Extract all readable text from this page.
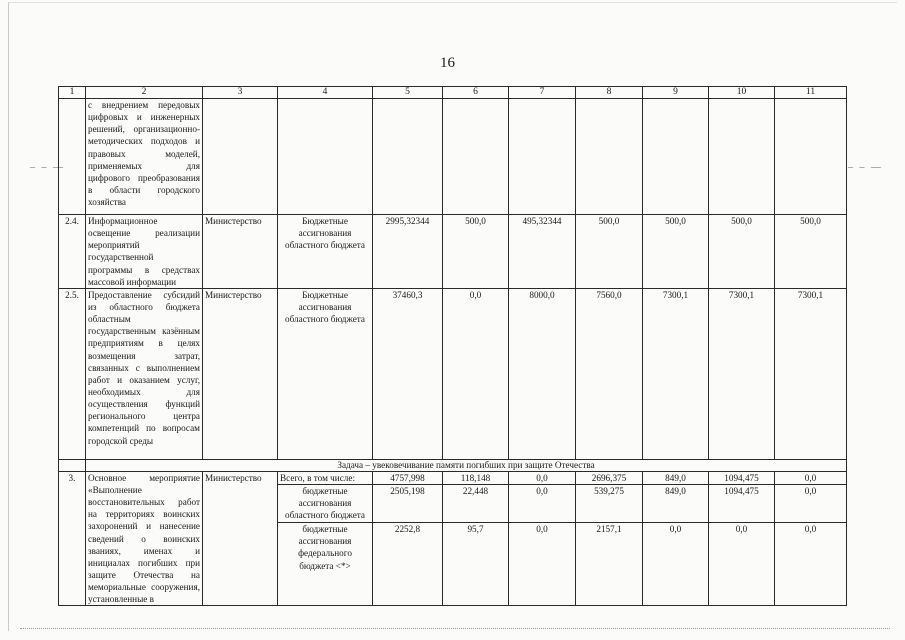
16
– – —	– – —
1	2	3	4	5	6	7	8	9	10	11
	с внедрением передовых цифровых и инженерных решений, организационно-методических подходов и правовых моделей, применяемых для цифрового преобразования в области городского хозяйства									
2.4.	Информационное освещение реализации мероприятий государственной программы в средствах массовой информации	Министерство	Бюджетные ассигнования областного бюджета	2995,32344	500,0	495,32344	500,0	500,0	500,0	500,0
2.5.	Предоставление субсидий из областного бюджета областным государственным казённым предприятиям в целях возмещения затрат, связанных с выполнением работ и оказанием услуг, необходимых для осуществления функций регионального центра компетенций по вопросам городской среды	Министерство	Бюджетные ассигнования областного бюджета	37460,3	0,0	8000,0	7560,0	7300,1	7300,1	7300,1
	Задача – увековечивание памяти погибших при защите Отечества									
3.	Основное мероприятие «Выполнение восстановительных работ на территориях воинских захоронений и нанесение сведений о воинских званиях, именах и инициалах погибших при защите Отечества на мемориальные сооружения, установленные в	Министерство	Всего, в том числе:	4757,998	118,148	0,0	2696,375	849,0	1094,475	0,0
			бюджетные ассигнования областного бюджета	2505,198	22,448	0,0	539,275	849,0	1094,475	0,0
			бюджетные ассигнования федерального бюджета <*>	2252,8	95,7	0,0	2157,1	0,0	0,0	0,0
